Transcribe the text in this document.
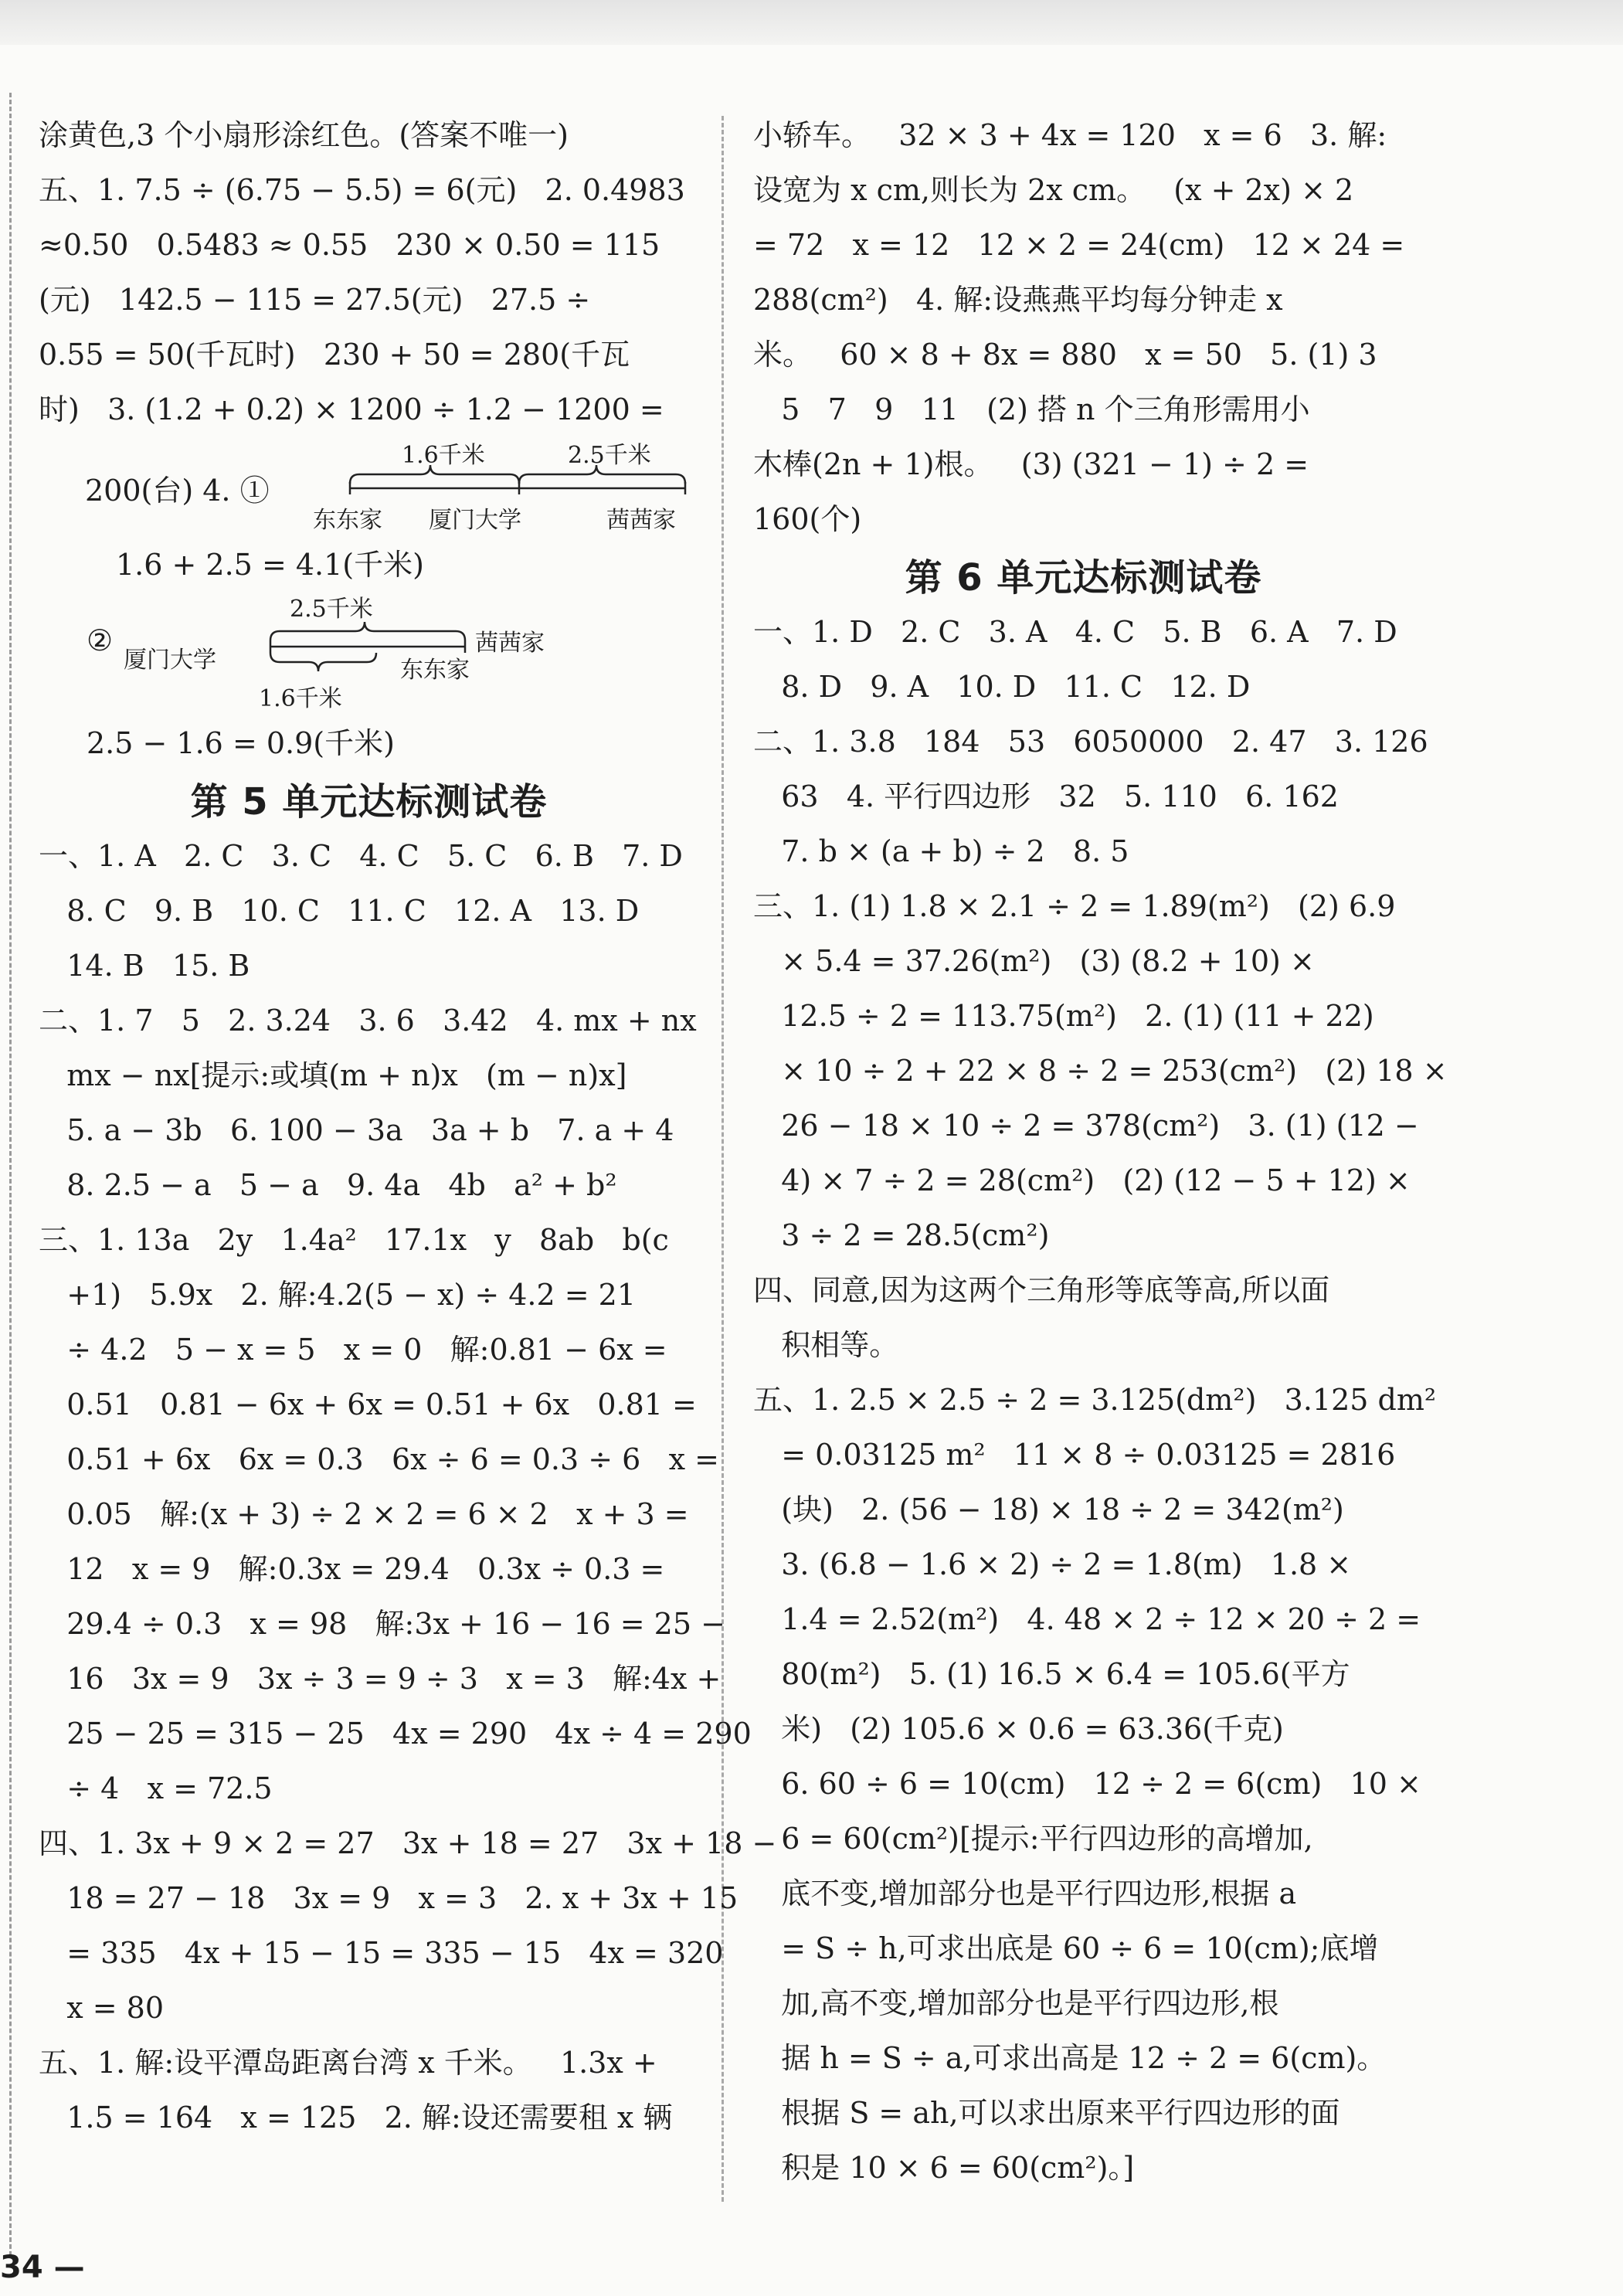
涂黄色,3 个小扇形涂红色。(答案不唯一)
五、1. 7.5 ÷ (6.75 − 5.5) = 6(元)   2. 0.4983
≈0.50   0.5483 ≈ 0.55   230 × 0.50 = 115
(元)   142.5 − 115 = 27.5(元)   27.5 ÷
0.55 = 50(千瓦时)   230 + 50 = 280(千瓦
时)   3. (1.2 + 0.2) × 1200 ÷ 1.2 − 1200 =
200(台) 4. ①
1.6千米	2.5千米
东东家 厦门大学	茜茜家
1.6 + 2.5 = 4.1(千米)
②
2.5千米
厦门大学	东东家
茜茜家
1.6千米
2.5 − 1.6 = 0.9(千米)
第 5 单元达标测试卷
一、1. A   2. C   3. C   4. C   5. C   6. B   7. D
8. C   9. B   10. C   11. C   12. A   13. D
14. B   15. B
二、1. 7   5   2. 3.24   3. 6   3.42   4. mx + nx
mx − nx[提示:或填(m + n)x   (m − n)x]
5. a − 3b   6. 100 − 3a   3a + b   7. a + 4
8. 2.5 − a   5 − a   9. 4a   4b   a² + b²
三、1. 13a   2y   1.4a²   17.1x   y   8ab   b(c
+1)   5.9x   2. 解:4.2(5 − x) ÷ 4.2 = 21
÷ 4.2   5 − x = 5   x = 0   解:0.81 − 6x =
0.51   0.81 − 6x + 6x = 0.51 + 6x   0.81 =
0.51 + 6x   6x = 0.3   6x ÷ 6 = 0.3 ÷ 6   x =
0.05   解:(x + 3) ÷ 2 × 2 = 6 × 2   x + 3 =
12   x = 9   解:0.3x = 29.4   0.3x ÷ 0.3 =
29.4 ÷ 0.3   x = 98   解:3x + 16 − 16 = 25 −
16   3x = 9   3x ÷ 3 = 9 ÷ 3   x = 3   解:4x +
25 − 25 = 315 − 25   4x = 290   4x ÷ 4 = 290
÷ 4   x = 72.5
四、1. 3x + 9 × 2 = 27   3x + 18 = 27   3x + 18 −
18 = 27 − 18   3x = 9   x = 3   2. x + 3x + 15
= 335   4x + 15 − 15 = 335 − 15   4x = 320
x = 80
五、1. 解:设平潭岛距离台湾 x 千米。   1.3x +
1.5 = 164   x = 125   2. 解:设还需要租 x 辆
小轿车。   32 × 3 + 4x = 120   x = 6   3. 解:
设宽为 x cm,则长为 2x cm。   (x + 2x) × 2
= 72   x = 12   12 × 2 = 24(cm)   12 × 24 =
288(cm²)   4. 解:设燕燕平均每分钟走 x
米。   60 × 8 + 8x = 880   x = 50   5. (1) 3
5   7   9   11   (2) 搭 n 个三角形需用小
木棒(2n + 1)根。   (3) (321 − 1) ÷ 2 =
160(个)
第 6 单元达标测试卷
一、1. D   2. C   3. A   4. C   5. B   6. A   7. D
8. D   9. A   10. D   11. C   12. D
二、1. 3.8   184   53   6050000   2. 47   3. 126
63   4. 平行四边形   32   5. 110   6. 162
7. b × (a + b) ÷ 2   8. 5
三、1. (1) 1.8 × 2.1 ÷ 2 = 1.89(m²)   (2) 6.9
× 5.4 = 37.26(m²)   (3) (8.2 + 10) ×
12.5 ÷ 2 = 113.75(m²)   2. (1) (11 + 22)
× 10 ÷ 2 + 22 × 8 ÷ 2 = 253(cm²)   (2) 18 ×
26 − 18 × 10 ÷ 2 = 378(cm²)   3. (1) (12 −
4) × 7 ÷ 2 = 28(cm²)   (2) (12 − 5 + 12) ×
3 ÷ 2 = 28.5(cm²)
四、同意,因为这两个三角形等底等高,所以面
积相等。
五、1. 2.5 × 2.5 ÷ 2 = 3.125(dm²)   3.125 dm²
= 0.03125 m²   11 × 8 ÷ 0.03125 = 2816
(块)   2. (56 − 18) × 18 ÷ 2 = 342(m²)
3. (6.8 − 1.6 × 2) ÷ 2 = 1.8(m)   1.8 ×
1.4 = 2.52(m²)   4. 48 × 2 ÷ 12 × 20 ÷ 2 =
80(m²)   5. (1) 16.5 × 6.4 = 105.6(平方
米)   (2) 105.6 × 0.6 = 63.36(千克)
6. 60 ÷ 6 = 10(cm)   12 ÷ 2 = 6(cm)   10 ×
6 = 60(cm²)[提示:平行四边形的高增加,
底不变,增加部分也是平行四边形,根据 a
= S ÷ h,可求出底是 60 ÷ 6 = 10(cm);底增
加,高不变,增加部分也是平行四边形,根
据 h = S ÷ a,可求出高是 12 ÷ 2 = 6(cm)。
根据 S = ah,可以求出原来平行四边形的面
积是 10 × 6 = 60(cm²)。]
34 —
